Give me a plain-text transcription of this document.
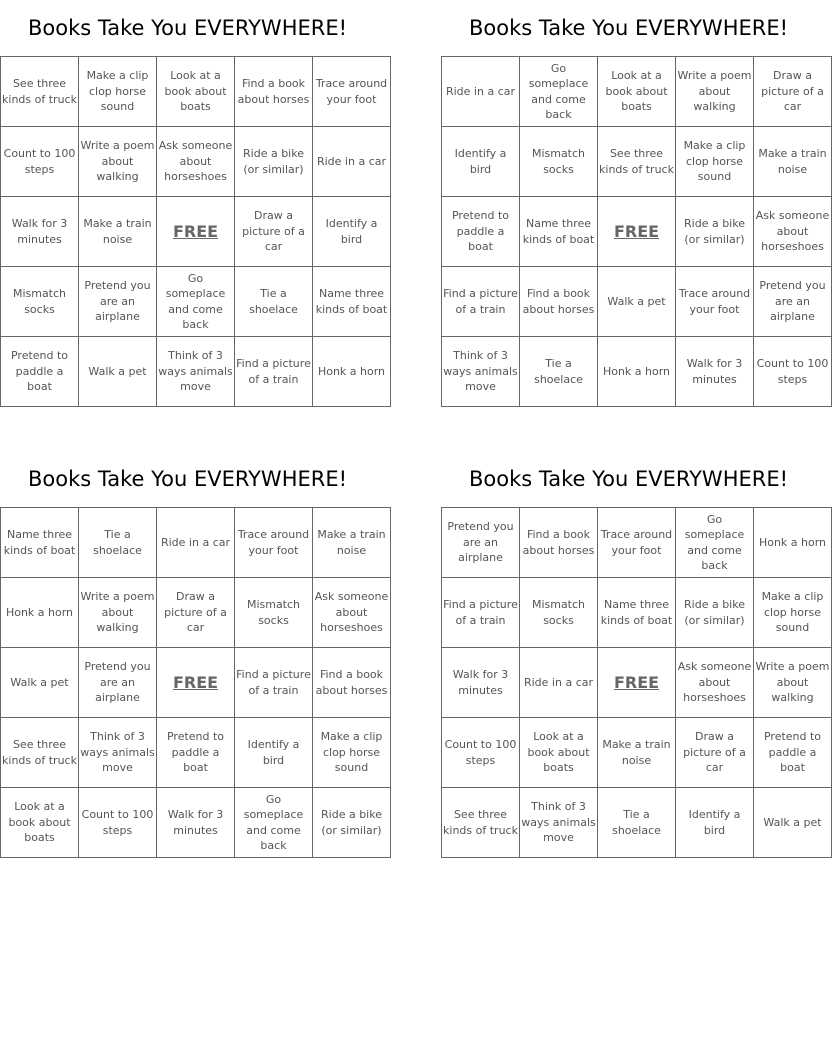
Books Take You EVERYWHERE!
See three kinds of truck	Make a clip clop horse sound	Look at a book about boats	Find a book about horses	Trace around your foot
Count to 100 steps	Write a poem about walking	Ask someone about horseshoes	Ride a bike (or similar)	Ride in a car
Walk for 3 minutes	Make a train noise	FREE	Draw a picture of a car	Identify a bird
Mismatch socks	Pretend you are an airplane	Go someplace and come back	Tie a shoelace	Name three kinds of boat
Pretend to paddle a boat	Walk a pet	Think of 3 ways animals move	Find a picture of a train	Honk a horn
Books Take You EVERYWHERE!
Ride in a car	Go someplace and come back	Look at a book about boats	Write a poem about walking	Draw a picture of a car
Identify a bird	Mismatch socks	See three kinds of truck	Make a clip clop horse sound	Make a train noise
Pretend to paddle a boat	Name three kinds of boat	FREE	Ride a bike (or similar)	Ask someone about horseshoes
Find a picture of a train	Find a book about horses	Walk a pet	Trace around your foot	Pretend you are an airplane
Think of 3 ways animals move	Tie a shoelace	Honk a horn	Walk for 3 minutes	Count to 100 steps
Books Take You EVERYWHERE!
Name three kinds of boat	Tie a shoelace	Ride in a car	Trace around your foot	Make a train noise
Honk a horn	Write a poem about walking	Draw a picture of a car	Mismatch socks	Ask someone about horseshoes
Walk a pet	Pretend you are an airplane	FREE	Find a picture of a train	Find a book about horses
See three kinds of truck	Think of 3 ways animals move	Pretend to paddle a boat	Identify a bird	Make a clip clop horse sound
Look at a book about boats	Count to 100 steps	Walk for 3 minutes	Go someplace and come back	Ride a bike (or similar)
Books Take You EVERYWHERE!
Pretend you are an airplane	Find a book about horses	Trace around your foot	Go someplace and come back	Honk a horn
Find a picture of a train	Mismatch socks	Name three kinds of boat	Ride a bike (or similar)	Make a clip clop horse sound
Walk for 3 minutes	Ride in a car	FREE	Ask someone about horseshoes	Write a poem about walking
Count to 100 steps	Look at a book about boats	Make a train noise	Draw a picture of a car	Pretend to paddle a boat
See three kinds of truck	Think of 3 ways animals move	Tie a shoelace	Identify a bird	Walk a pet
